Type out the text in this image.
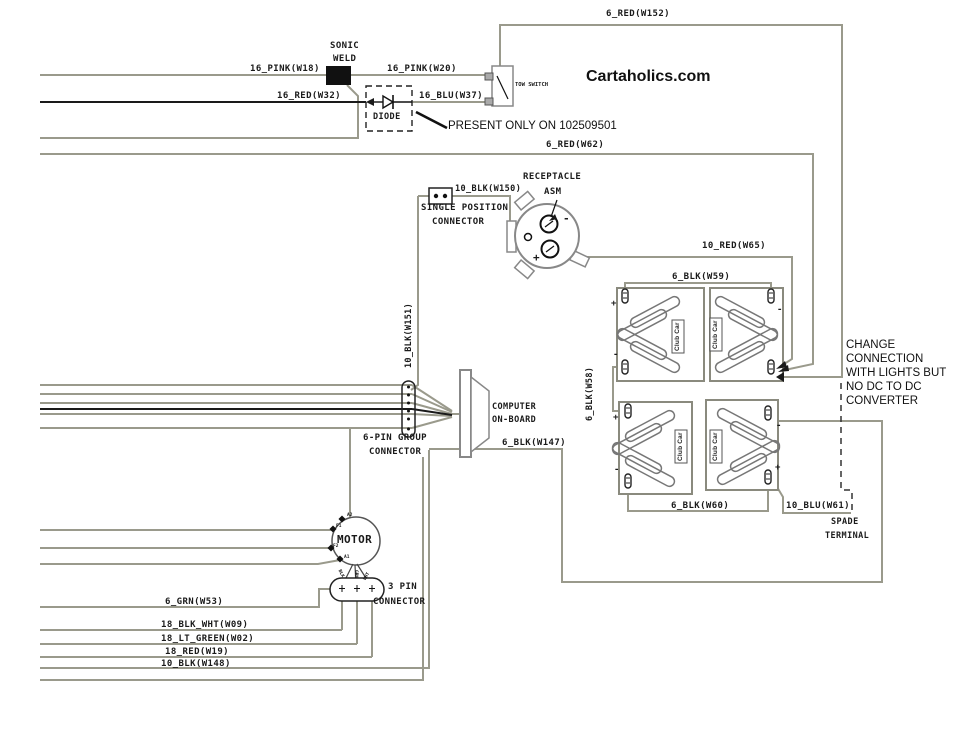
16_PINK(W18)	16_PINK(W20)
16_RED(W32)	16_BLU(W37)
SONIC
WELD
DIODE
TOW SWITCH
PRESENT ONLY ON 102509501
Cartaholics.com
6_RED(W152)
6_RED(W62)
10_BLK(W150)
SINGLE POSITION
CONNECTOR
RECEPTACLE
ASM
10_RED(W65)
6_BLK(W59)
10_BLK(W151)
6_BLK(W58)
COMPUTER
ON-BOARD
6-PIN GROUP
CONNECTOR
6_BLK(W147)
6_BLK(W60)	10_BLU(W61)
SPADE
TERMINAL
CHANGE
CONNECTION
WITH LIGHTS BUT
NO DC TO DC
CONVERTER
MOTOR
A2
F1
F2
A1
BLK GRN WHT
3 PIN
CONNECTOR
6_GRN(W53)
18_BLK_WHT(W09)
18_LT_GREEN(W02)
18_RED(W19)
10_BLK(W148)
Club Car	Club Car
Club Car	Club Car
+
-
-
+
-
-
+
+
-
